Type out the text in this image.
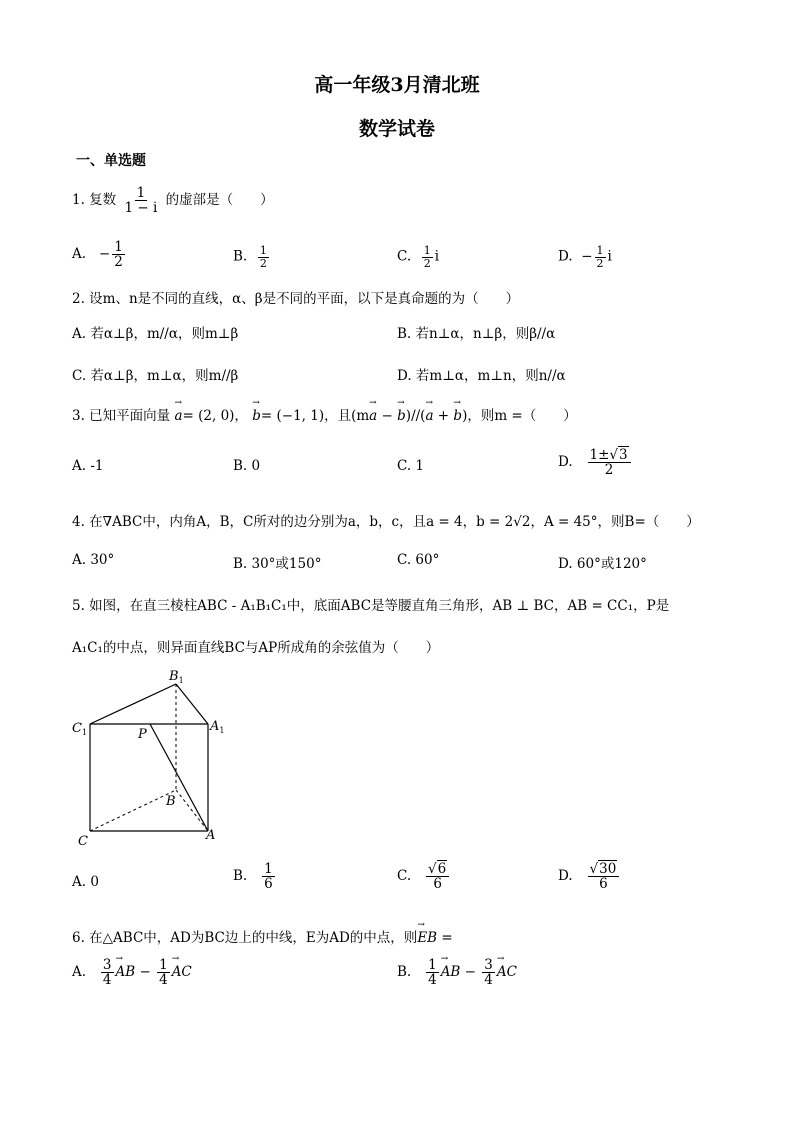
高一年级3月清北班
数学试卷
一、单选题
1. 复数 $\frac{1}{1 - i}$ 的虚部是（　　）
A. − $\frac{1}{2}$	B. $\frac{1}{2}$	C. $\frac{1}{2}$ i	D. − $\frac{1}{2}$ i
2. 设m、n是不同的直线，α、β是不同的平面，以下是真命题的为（　　）
A. 若α⊥β，m//α，则m⊥β	B. 若n⊥α，n⊥β，则β//α
C. 若α⊥β，m⊥α，则m//β	D. 若m⊥α，m⊥n，则n//α
3. 已知平面向量 → a= (2, 0)， → b= (−1, 1)，且(m→ a − → b)//(→ a + → b)，则m =（　　）
A. -1	B. 0	C. 1	D. $\frac{1\pm√3}{2}$
4. 在∇ABC中，内角A，B，C所对的边分别为a，b，c，且a = 4，b = 2√2，A = 45°，则B=（　　）
A. 30°	B. 30°或150°	C. 60°	D. 60°或120°
5. 如图，在直三棱柱ABC - A₁B₁C₁中，底面ABC是等腰直角三角形，AB ⊥ BC，AB = CC₁，P是
A₁C₁的中点，则异面直线BC与AP所成角的余弦值为（　　）
$B_1$
$C_1$	$A_1$
P
B
C	A
A. 0	B. $\frac{1}{6}$	C. $\frac{√6}{6}$	D. $\frac{√30}{6}$
6. 在△ABC中，AD为BC边上的中线，E为AD的中点，则→ EB =
A. $\frac{3}{4}$ → AB − $\frac{1}{4}$ → AC	B. $\frac{1}{4}$ → AB − $\frac{3}{4}$ → AC
